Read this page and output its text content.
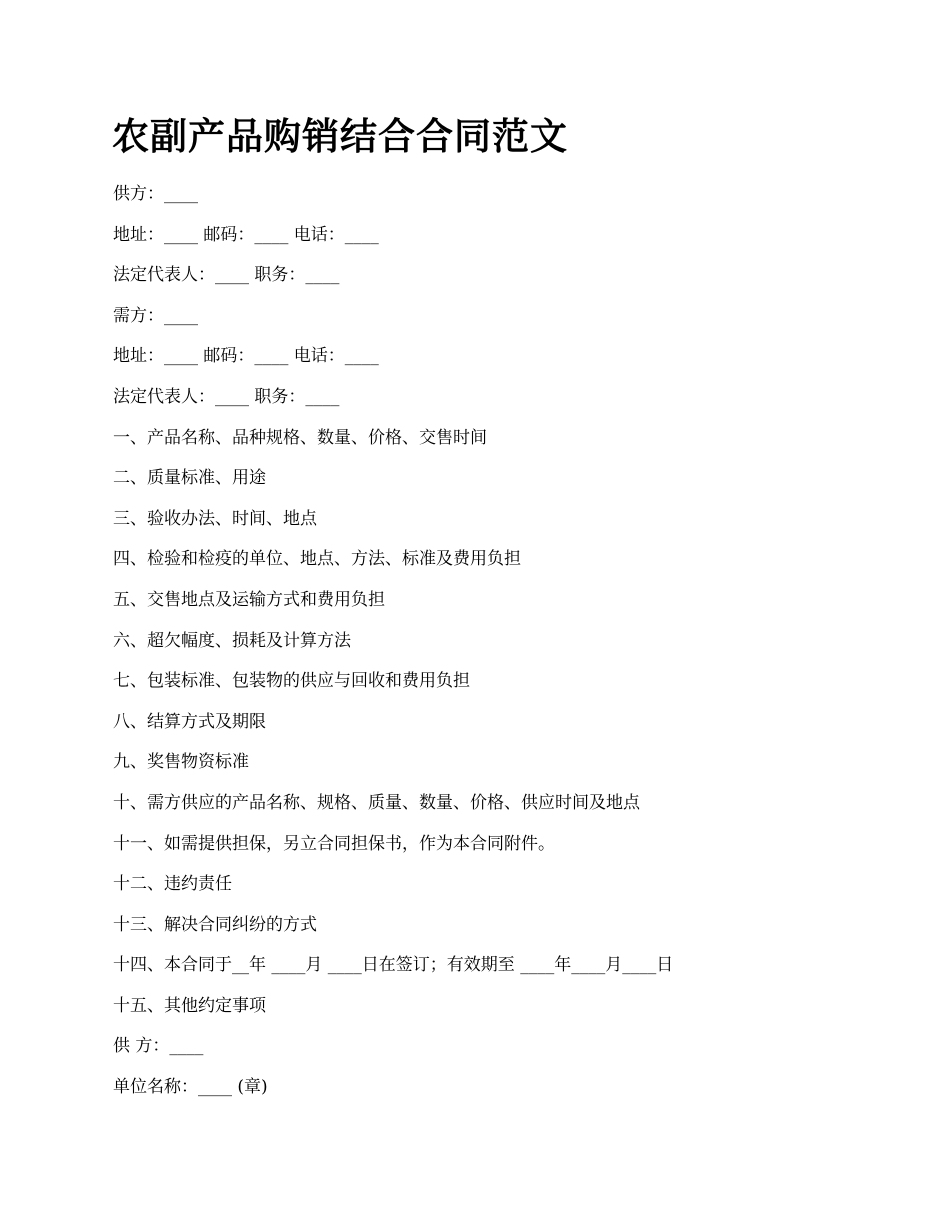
农副产品购销结合合同范文

供方：____

地址：____ 邮码：____ 电话：____

法定代表人：____ 职务：____

需方：____

地址：____ 邮码：____ 电话：____

法定代表人：____ 职务：____

一、产品名称、品种规格、数量、价格、交售时间

二、质量标准、用途

三、验收办法、时间、地点

四、检验和检疫的单位、地点、方法、标准及费用负担

五、交售地点及运输方式和费用负担

六、超欠幅度、损耗及计算方法

七、包装标准、包装物的供应与回收和费用负担

八、结算方式及期限

九、奖售物资标准

十、需方供应的产品名称、规格、质量、数量、价格、供应时间及地点

十一、如需提供担保，另立合同担保书，作为本合同附件。

十二、违约责任

十三、解决合同纠纷的方式

十四、本合同于__年 ____月 ____日在签订；有效期至 ____年____月____日

十五、其他约定事项

供 方：____

单位名称：____ (章)
